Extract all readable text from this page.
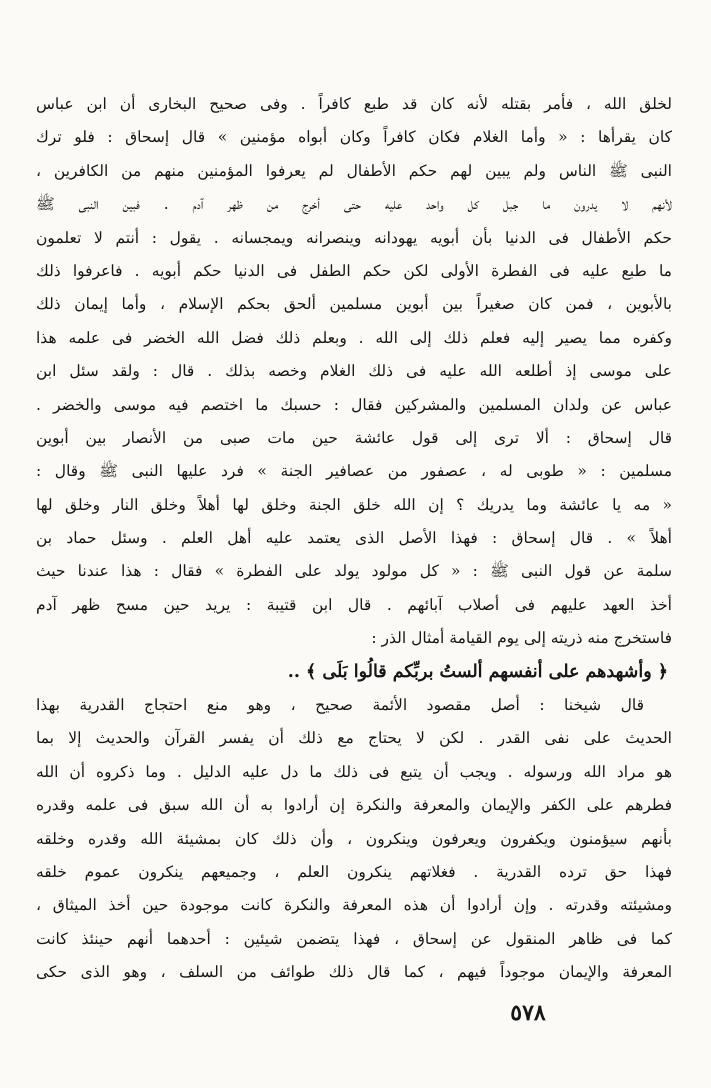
لخلق الله ، فأمر بقتله لأنه كان قد طبع كافراً . وفى صحيح البخارى أن ابن عباس
كان يقرأها : « وأما الغلام فكان كافراً وكان أبواه مؤمنين » قال إسحاق : فلو ترك
النبى ﷺ الناس ولم يبين لهم حكم الأطفال لم يعرفوا المؤمنين منهم من الكافرين ،
لأنهم لا يدرون ما جبل كل واحد عليه حتى أخرج من ظهر آدم . فبين النبى ﷺ
حكم الأطفال فى الدنيا بأن أبويه يهودانه وينصرانه ويمجسانه . يقول : أنتم لا تعلمون
ما طبع عليه فى الفطرة الأولى لكن حكم الطفل فى الدنيا حكم أبويه . فاعرفوا ذلك
بالأبوين ، فمن كان صغيراً بين أبوين مسلمين ألحق بحكم الإسلام ، وأما إيمان ذلك
وكفره مما يصير إليه فعلم ذلك إلى الله . وبعلم ذلك فضل الله الخضر فى علمه هذا
على موسى إذ أطلعه الله عليه فى ذلك الغلام وخصه بذلك . قال : ولقد سئل ابن
عباس عن ولدان المسلمين والمشركين فقال : حسبك ما اختصم فيه موسى والخضر .
قال إسحاق : ألا ترى إلى قول عائشة حين مات صبى من الأنصار بين أبوين
مسلمين : « طوبى له ، عصفور من عصافير الجنة » فرد عليها النبى ﷺ وقال :
« مه يا عائشة وما يدريك ؟ إن الله خلق الجنة وخلق لها أهلاً وخلق النار وخلق لها
أهلاً » . قال إسحاق : فهذا الأصل الذى يعتمد عليه أهل العلم . وسئل حماد بن
سلمة عن قول النبى ﷺ : « كل مولود يولد على الفطرة » فقال : هذا عندنا حيث
أخذ العهد عليهم فى أصلاب آبائهم . قال ابن قتيبة : يريد حين مسح ظهر آدم
فاستخرج منه ذريته إلى يوم القيامة أمثال الذر :
﴿ وأشهدهم على أنفسهم ألستُ بربِّكم قالُوا بَلَى ﴾ ..
قال شيخنا : أصل مقصود الأئمة صحيح ، وهو منع احتجاج القدرية بهذا
الحديث على نفى القدر . لكن لا يحتاج مع ذلك أن يفسر القرآن والحديث إلا بما
هو مراد الله ورسوله . ويجب أن يتبع فى ذلك ما دل عليه الدليل . وما ذكروه أن الله
فطرهم على الكفر والإيمان والمعرفة والنكرة إن أرادوا به أن الله سبق فى علمه وقدره
بأنهم سيؤمنون ويكفرون ويعرفون وينكرون ، وأن ذلك كان بمشيئة الله وقدره وخلقه
فهذا حق ترده القدرية . فغلاتهم ينكرون العلم ، وجميعهم ينكرون عموم خلقه
ومشيئته وقدرته . وإن أرادوا أن هذه المعرفة والنكرة كانت موجودة حين أخذ الميثاق ،
كما فى ظاهر المنقول عن إسحاق ، فهذا يتضمن شيئين : أحدهما أنهم حينئذ كانت
المعرفة والإيمان موجوداً فيهم ، كما قال ذلك طوائف من السلف ، وهو الذى حكى
٥٧٨
